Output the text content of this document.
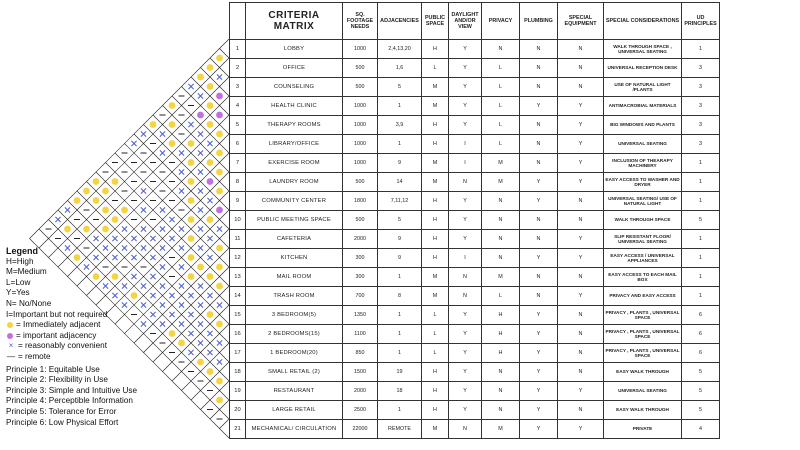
Legend
H=High
M=Medium
L=Low
Y=Yes
N= No/None
I=Important but not required
= Immediately adjacent
= important adjacency
× = reasonably convenient
— = remote
Principle 1: Equitable Use
Principle 2: Flexibility in Use
Principle 3: Simple and Intuitive Use
Principle 4: Perceptible Information
Principle 5: Tolerance for Error
Principle 6: Low Physical Effort
	CRITERIA
MATRIX	SQ. FOOTAGE NEEDS	ADJACENCIES	PUBLIC SPACE	DAYLIGHT AND/OR VIEW	PRIVACY	PLUMBING	SPECIAL EQUIPMENT	SPECIAL CONSIDERATIONS	UD PRINCIPLES
1	LOBBY	1000	2,4,13,20	H	Y	N	N	N	WALK THROUGH SPACE , UNIVERSAL SEATING	1
2	OFFICE	500	1,6	L	Y	L	N	N	UNIVERSAL RECEPTION DESK	3
3	COUNSELING	500	5	M	Y	L	N	N	USE OF NATURAL LIGHT /PLANTS	3
4	HEALTH CLINIC	1000	1	M	Y	L	Y	Y	ANTIMACROBIAL MATERIALS	3
5	THERAPY ROOMS	1000	3,9	H	Y	L	N	Y	BIG WINDOWS AND PLANTS	3
6	LIBRARY/OFFICE	1000	1	H	I	L	N	Y	UNIVERSAL SEATING	3
7	EXERCISE ROOM	1000	9	M	I	M	N	Y	INCLUSION OF THEARAPY MACHINERY	1
8	LAUNDRY ROOM	500	14	M	N	M	Y	Y	EASY ACCESS TO WASHER AND DRYER	1
9	COMMUNITY CENTER	1800	7,11,12	H	Y	N	Y	N	UNIVERSAL SEATING/ USE OF NATURAL LIGHT	1
10	PUBLIC MEETING SPACE	500	5	H	Y	N	N	N	WALK THROUGH SPACE	5
11	CAFETERIA	2000	9	H	Y	N	N	Y	SLIP RESISTANT FLOOR/ UNIVERSAL SEATING	1
12	KITCHEN	300	9	H	I	N	Y	Y	EASY ACCESS / UNIVERSAL APPLIANCES	1
13	MAIL ROOM	300	1	M	N	M	N	N	EASY ACCESS TO EACH MAIL BOX	1
14	TRASH ROOM	700	8	M	N	L	N	Y	PRIVACY AND EASY ACCESS	1
15	3 BEDROOM(5)	1350	1	L	Y	H	Y	N	PRIVACY , PLANTS , UNIVERSAL SPACE	6
16	2 BEDROOMS(15)	1100	1	L	Y	H	Y	N	PRIVACY , PLANTS , UNIVERSAL SPACE	6
17	1 BEDROOM(20)	850	1	L	Y	H	Y	N	PRIVACY , PLANTS , UNIVERSAL SPACE	6
18	SMALL RETAIL (2)	1500	19	H	Y	N	Y	N	EASY WALK THROUGH	5
19	RESTAURANT	2000	18	H	Y	N	Y	Y	UNIVERSAL SEATING	5
20	LARGE RETAIL	2500	1	H	Y	N	Y	N	EASY WALK THROUGH	5
21	MECHANICAL/ CIRCULATION	22000	REMOTE	M	N	M	Y	Y	PRIVATE	4
